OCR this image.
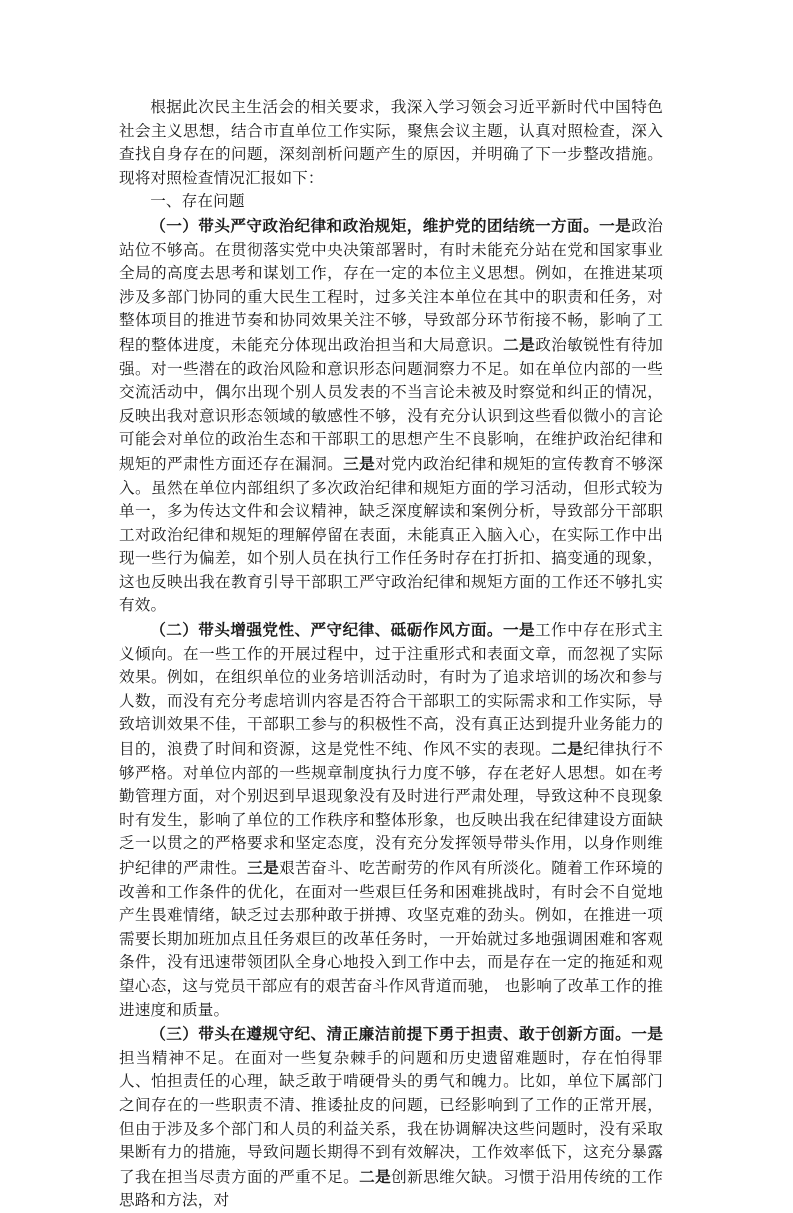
根据此次民主生活会的相关要求，我深入学习领会习近平新时代中国特色社会主义思想，结合市直单位工作实际，聚焦会议主题，认真对照检查，深入查找自身存在的问题，深刻剖析问题产生的原因，并明确了下一步整改措施。现将对照检查情况汇报如下：

一、存在问题

（一）带头严守政治纪律和政治规矩，维护党的团结统一方面。一是政治站位不够高。在贯彻落实党中央决策部署时，有时未能充分站在党和国家事业全局的高度去思考和谋划工作，存在一定的本位主义思想。例如，在推进某项涉及多部门协同的重大民生工程时，过多关注本单位在其中的职责和任务，对整体项目的推进节奏和协同效果关注不够，导致部分环节衔接不畅，影响了工程的整体进度，未能充分体现出政治担当和大局意识。二是政治敏锐性有待加强。对一些潜在的政治风险和意识形态问题洞察力不足。如在单位内部的一些交流活动中，偶尔出现个别人员发表的不当言论未被及时察觉和纠正的情况，反映出我对意识形态领域的敏感性不够，没有充分认识到这些看似微小的言论可能会对单位的政治生态和干部职工的思想产生不良影响，在维护政治纪律和规矩的严肃性方面还存在漏洞。三是对党内政治纪律和规矩的宣传教育不够深入。虽然在单位内部组织了多次政治纪律和规矩方面的学习活动，但形式较为单一，多为传达文件和会议精神，缺乏深度解读和案例分析，导致部分干部职工对政治纪律和规矩的理解停留在表面，未能真正入脑入心，在实际工作中出现一些行为偏差，如个别人员在执行工作任务时存在打折扣、搞变通的现象，这也反映出我在教育引导干部职工严守政治纪律和规矩方面的工作还不够扎实有效。

（二）带头增强党性、严守纪律、砥砺作风方面。一是工作中存在形式主义倾向。在一些工作的开展过程中，过于注重形式和表面文章，而忽视了实际效果。例如，在组织单位的业务培训活动时，有时为了追求培训的场次和参与人数，而没有充分考虑培训内容是否符合干部职工的实际需求和工作实际，导致培训效果不佳，干部职工参与的积极性不高，没有真正达到提升业务能力的目的，浪费了时间和资源，这是党性不纯、作风不实的表现。二是纪律执行不够严格。对单位内部的一些规章制度执行力度不够，存在老好人思想。如在考勤管理方面，对个别迟到早退现象没有及时进行严肃处理，导致这种不良现象时有发生，影响了单位的工作秩序和整体形象，也反映出我在纪律建设方面缺乏一以贯之的严格要求和坚定态度，没有充分发挥领导带头作用，以身作则维护纪律的严肃性。三是艰苦奋斗、吃苦耐劳的作风有所淡化。随着工作环境的改善和工作条件的优化，在面对一些艰巨任务和困难挑战时，有时会不自觉地产生畏难情绪，缺乏过去那种敢于拼搏、攻坚克难的劲头。例如，在推进一项需要长期加班加点且任务艰巨的改革任务时，一开始就过多地强调困难和客观条件，没有迅速带领团队全身心地投入到工作中去，而是存在一定的拖延和观望心态，这与党员干部应有的艰苦奋斗作风背道而驰， 也影响了改革工作的推进速度和质量。

（三）带头在遵规守纪、清正廉洁前提下勇于担责、敢于创新方面。一是担当精神不足。在面对一些复杂棘手的问题和历史遗留难题时，存在怕得罪人、怕担责任的心理，缺乏敢于啃硬骨头的勇气和魄力。比如，单位下属部门之间存在的一些职责不清、推诿扯皮的问题，已经影响到了工作的正常开展，但由于涉及多个部门和人员的利益关系，我在协调解决这些问题时，没有采取果断有力的措施，导致问题长期得不到有效解决，工作效率低下，这充分暴露了我在担当尽责方面的严重不足。二是创新思维欠缺。习惯于沿用传统的工作思路和方法，对
